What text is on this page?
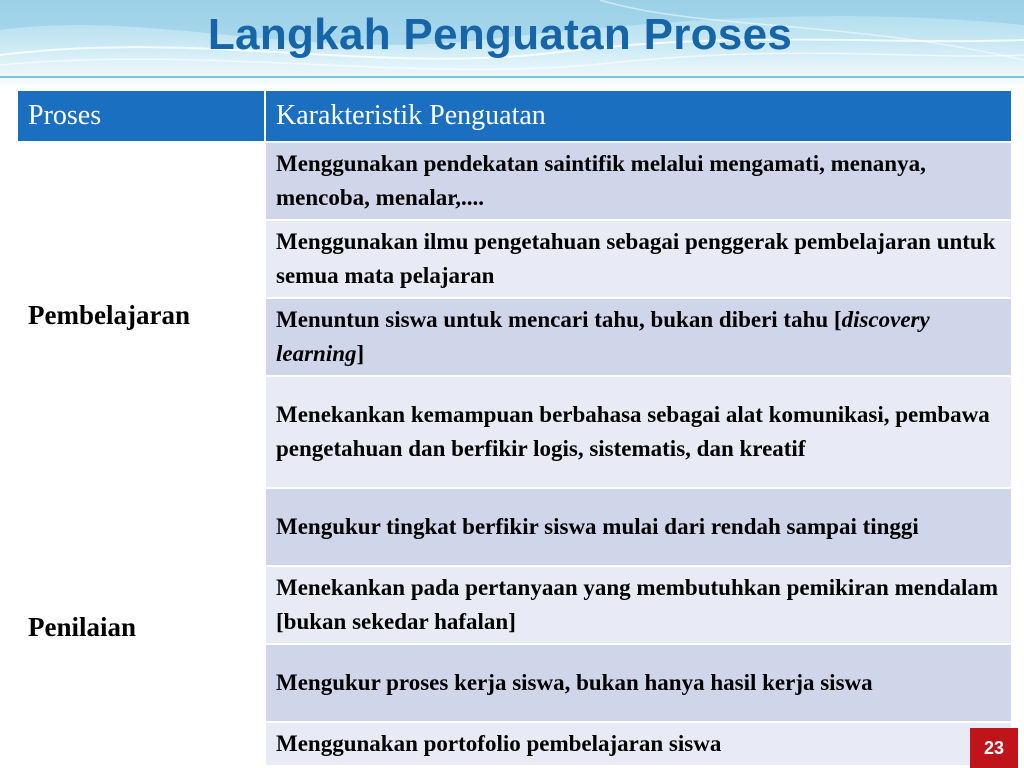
Langkah Penguatan Proses
Proses	Karakteristik Penguatan
Pembelajaran	Menggunakan pendekatan saintifik melalui mengamati, menanya, mencoba, menalar,....
	Menggunakan ilmu pengetahuan sebagai penggerak pembelajaran untuk semua mata pelajaran
	Menuntun siswa untuk mencari tahu, bukan diberi tahu [discovery learning]
	Menekankan kemampuan berbahasa sebagai alat komunikasi, pembawa pengetahuan dan berfikir logis, sistematis, dan kreatif
Penilaian	Mengukur tingkat berfikir siswa mulai dari rendah sampai tinggi
	Menekankan pada pertanyaan yang membutuhkan pemikiran mendalam [bukan sekedar hafalan]
	Mengukur proses kerja siswa, bukan hanya hasil kerja siswa
	Menggunakan portofolio pembelajaran siswa	23
